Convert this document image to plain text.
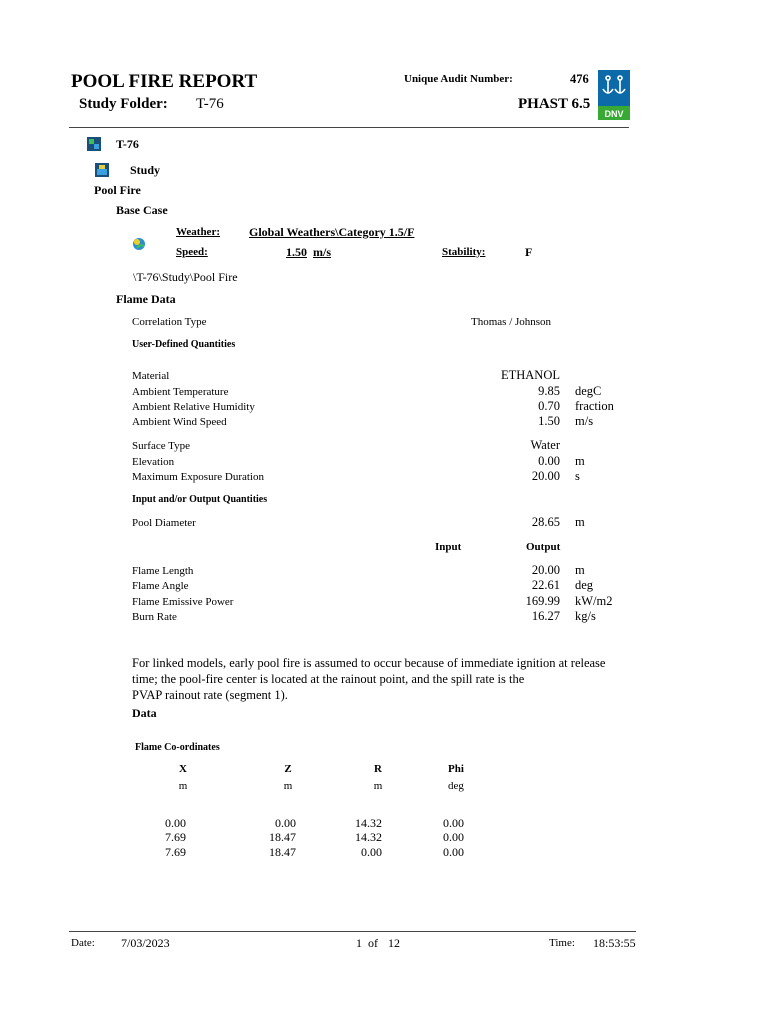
POOL FIRE REPORT
Study Folder: T-76
Unique Audit Number:	476
PHAST 6.5
DNV
T-76
Study
Pool Fire
Base Case
Weather: Global Weathers\Category 1.5/F
Speed:	1.50 m/s	Stability:	F
\T-76\Study\Pool Fire
Flame Data
Correlation Type	Thomas / Johnson
User-Defined Quantities
Material	ETHANOL
Ambient Temperature	9.85 degC
Ambient Relative Humidity	0.70 fraction
Ambient Wind Speed	1.50 m/s
Surface Type	Water
Elevation	0.00 m
Maximum Exposure Duration	20.00 s
Input and/or Output Quantities
Pool Diameter	28.65 m
Input	Output
Flame Length	20.00 m
Flame Angle	22.61 deg
Flame Emissive Power	169.99 kW/m2
Burn Rate	16.27 kg/s
For linked models, early pool fire is assumed to occur because of immediate ignition at release
time; the pool-fire center is located at the rainout point, and the spill rate is the
PVAP rainout rate (segment 1).
Data
Flame Co-ordinates
X	Z	R	Phi
m	m	m	deg
0.00	0.00	14.32	0.00
7.69	18.47	14.32	0.00
7.69	18.47	0.00	0.00
Date: 7/03/2023	1 of 12	Time: 18:53:55
